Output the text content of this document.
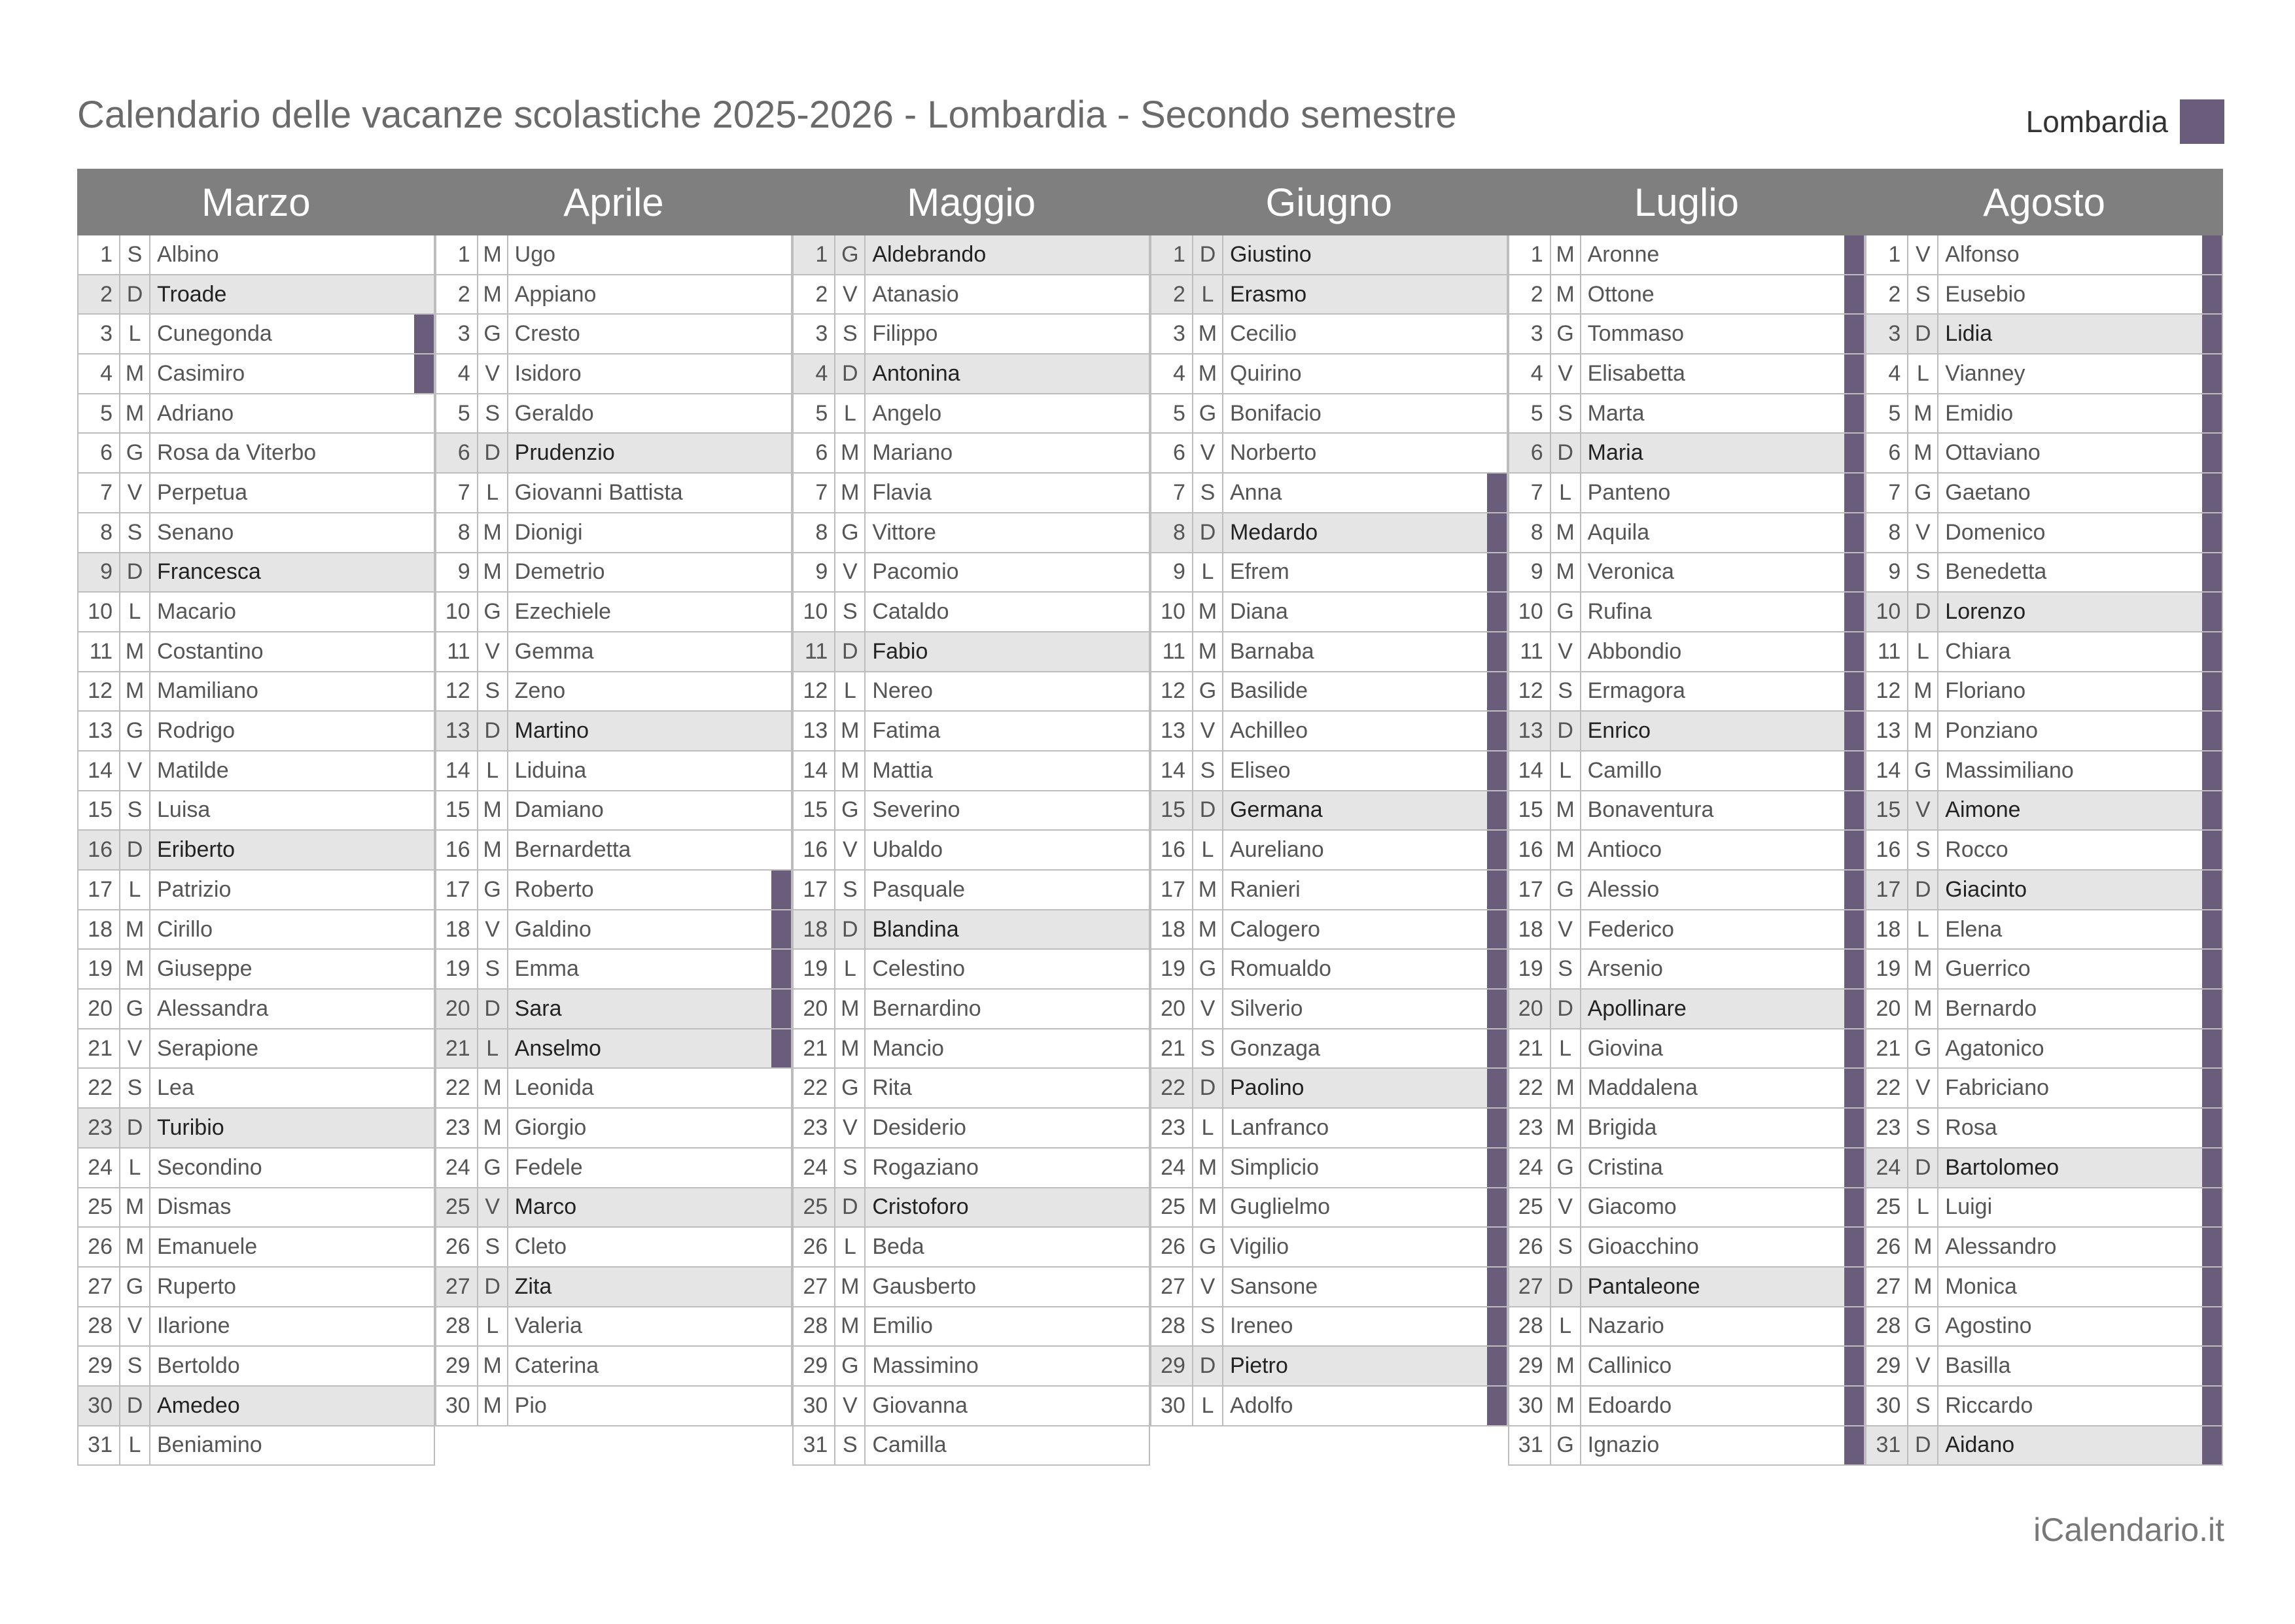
Calendario delle vacanze scolastiche 2025-2026 - Lombardia - Secondo semestre	Lombardia
Marzo
1 S Albino
2 D Troade
3 L Cunegonda
4 M Casimiro
5 M Adriano
6 G Rosa da Viterbo
7 V Perpetua
8 S Senano
9 D Francesca
10 L Macario
11 M Costantino
12 M Mamiliano
13 G Rodrigo
14 V Matilde
15 S Luisa
16 D Eriberto
17 L Patrizio
18 M Cirillo
19 M Giuseppe
20 G Alessandra
21 V Serapione
22 S Lea
23 D Turibio
24 L Secondino
25 M Dismas
26 M Emanuele
27 G Ruperto
28 V Ilarione
29 S Bertoldo
30 D Amedeo
31 L Beniamino
Aprile
1 M Ugo
2 M Appiano
3 G Cresto
4 V Isidoro
5 S Geraldo
6 D Prudenzio
7 L Giovanni Battista
8 M Dionigi
9 M Demetrio
10 G Ezechiele
11 V Gemma
12 S Zeno
13 D Martino
14 L Liduina
15 M Damiano
16 M Bernardetta
17 G Roberto
18 V Galdino
19 S Emma
20 D Sara
21 L Anselmo
22 M Leonida
23 M Giorgio
24 G Fedele
25 V Marco
26 S Cleto
27 D Zita
28 L Valeria
29 M Caterina
30 M Pio
Maggio
1 G Aldebrando
2 V Atanasio
3 S Filippo
4 D Antonina
5 L Angelo
6 M Mariano
7 M Flavia
8 G Vittore
9 V Pacomio
10 S Cataldo
11 D Fabio
12 L Nereo
13 M Fatima
14 M Mattia
15 G Severino
16 V Ubaldo
17 S Pasquale
18 D Blandina
19 L Celestino
20 M Bernardino
21 M Mancio
22 G Rita
23 V Desiderio
24 S Rogaziano
25 D Cristoforo
26 L Beda
27 M Gausberto
28 M Emilio
29 G Massimino
30 V Giovanna
31 S Camilla
Giugno
1 D Giustino
2 L Erasmo
3 M Cecilio
4 M Quirino
5 G Bonifacio
6 V Norberto
7 S Anna
8 D Medardo
9 L Efrem
10 M Diana
11 M Barnaba
12 G Basilide
13 V Achilleo
14 S Eliseo
15 D Germana
16 L Aureliano
17 M Ranieri
18 M Calogero
19 G Romualdo
20 V Silverio
21 S Gonzaga
22 D Paolino
23 L Lanfranco
24 M Simplicio
25 M Guglielmo
26 G Vigilio
27 V Sansone
28 S Ireneo
29 D Pietro
30 L Adolfo
Luglio
1 M Aronne
2 M Ottone
3 G Tommaso
4 V Elisabetta
5 S Marta
6 D Maria
7 L Panteno
8 M Aquila
9 M Veronica
10 G Rufina
11 V Abbondio
12 S Ermagora
13 D Enrico
14 L Camillo
15 M Bonaventura
16 M Antioco
17 G Alessio
18 V Federico
19 S Arsenio
20 D Apollinare
21 L Giovina
22 M Maddalena
23 M Brigida
24 G Cristina
25 V Giacomo
26 S Gioacchino
27 D Pantaleone
28 L Nazario
29 M Callinico
30 M Edoardo
31 G Ignazio
Agosto
1 V Alfonso
2 S Eusebio
3 D Lidia
4 L Vianney
5 M Emidio
6 M Ottaviano
7 G Gaetano
8 V Domenico
9 S Benedetta
10 D Lorenzo
11 L Chiara
12 M Floriano
13 M Ponziano
14 G Massimiliano
15 V Aimone
16 S Rocco
17 D Giacinto
18 L Elena
19 M Guerrico
20 M Bernardo
21 G Agatonico
22 V Fabriciano
23 S Rosa
24 D Bartolomeo
25 L Luigi
26 M Alessandro
27 M Monica
28 G Agostino
29 V Basilla
30 S Riccardo
31 D Aidano
iCalendario.it
